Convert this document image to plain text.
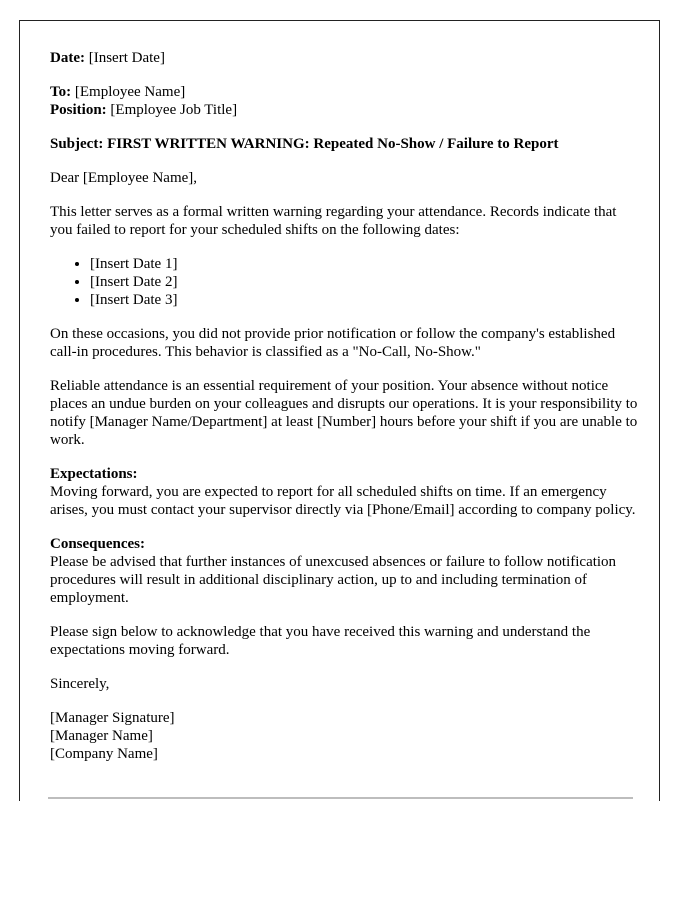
Date: [Insert Date]
To: [Employee Name]
Position: [Employee Job Title]
Subject: FIRST WRITTEN WARNING: Repeated No-Show / Failure to Report
Dear [Employee Name],
This letter serves as a formal written warning regarding your attendance. Records indicate that you failed to report for your scheduled shifts on the following dates:
• [Insert Date 1]
• [Insert Date 2]
• [Insert Date 3]
On these occasions, you did not provide prior notification or follow the company's established call-in procedures. This behavior is classified as a "No-Call, No-Show."
Reliable attendance is an essential requirement of your position. Your absence without notice places an undue burden on your colleagues and disrupts our operations. It is your responsibility to notify [Manager Name/Department] at least [Number] hours before your shift if you are unable to work.
Expectations:
Moving forward, you are expected to report for all scheduled shifts on time. If an emergency arises, you must contact your supervisor directly via [Phone/Email] according to company policy.
Consequences:
Please be advised that further instances of unexcused absences or failure to follow notification procedures will result in additional disciplinary action, up to and including termination of employment.
Please sign below to acknowledge that you have received this warning and understand the expectations moving forward.
Sincerely,
[Manager Signature]
[Manager Name]
[Company Name]
